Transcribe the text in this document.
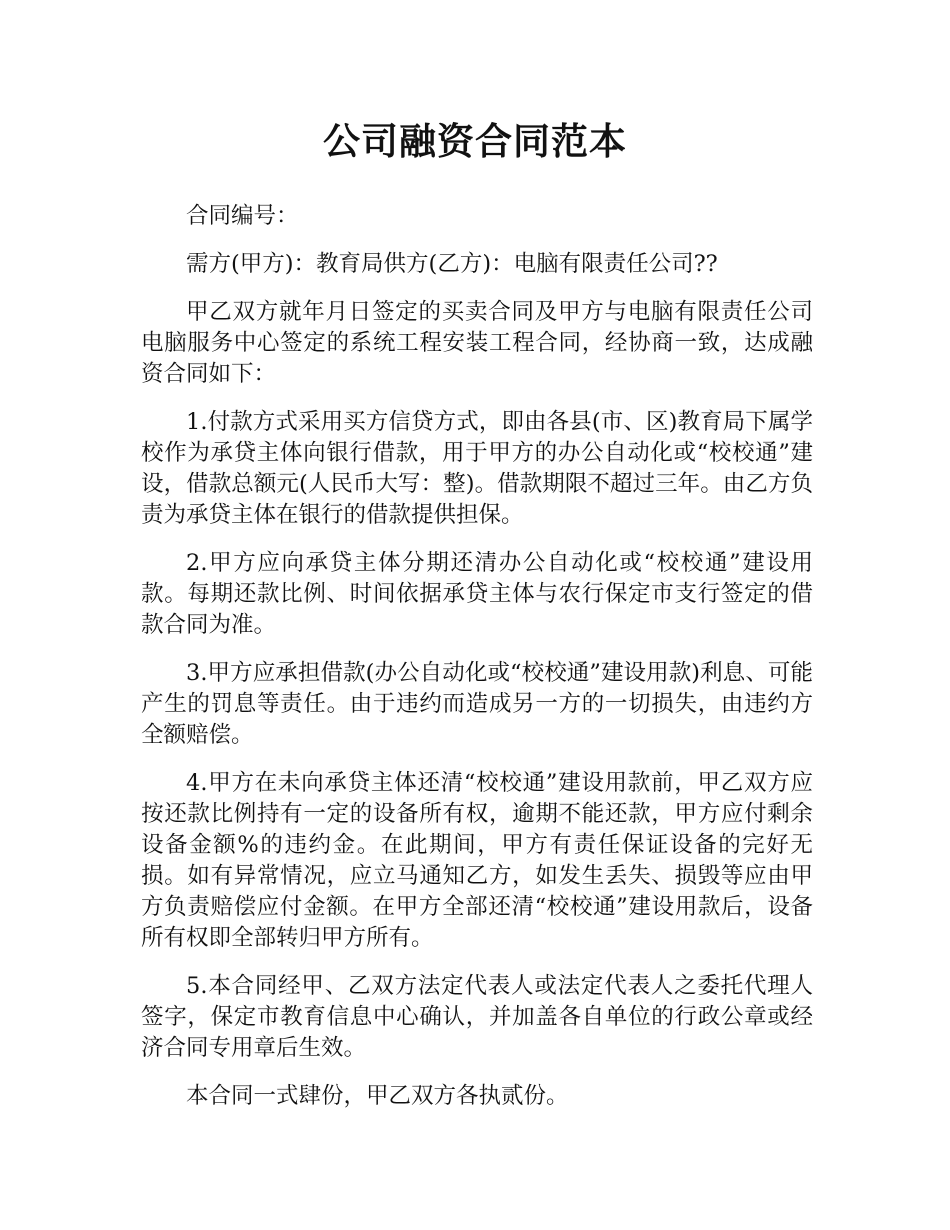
公司融资合同范本

合同编号：

需方(甲方)：教育局供方(乙方)：电脑有限责任公司??

甲乙双方就年月日签定的买卖合同及甲方与电脑有限责任公司电脑服务中心签定的系统工程安装工程合同，经协商一致，达成融资合同如下：

1.付款方式采用买方信贷方式，即由各县(市、区)教育局下属学校作为承贷主体向银行借款，用于甲方的办公自动化或“校校通”建设，借款总额元(人民币大写：整)。借款期限不超过三年。由乙方负责为承贷主体在银行的借款提供担保。

2.甲方应向承贷主体分期还清办公自动化或“校校通”建设用款。每期还款比例、时间依据承贷主体与农行保定市支行签定的借款合同为准。

3.甲方应承担借款(办公自动化或“校校通”建设用款)利息、可能产生的罚息等责任。由于违约而造成另一方的一切损失，由违约方全额赔偿。

4.甲方在未向承贷主体还清“校校通”建设用款前，甲乙双方应按还款比例持有一定的设备所有权，逾期不能还款，甲方应付剩余设备金额%的违约金。在此期间，甲方有责任保证设备的完好无损。如有异常情况，应立马通知乙方，如发生丢失、损毁等应由甲方负责赔偿应付金额。在甲方全部还清“校校通”建设用款后，设备所有权即全部转归甲方所有。

5.本合同经甲、乙双方法定代表人或法定代表人之委托代理人签字，保定市教育信息中心确认，并加盖各自单位的行政公章或经济合同专用章后生效。

本合同一式肆份，甲乙双方各执贰份。
